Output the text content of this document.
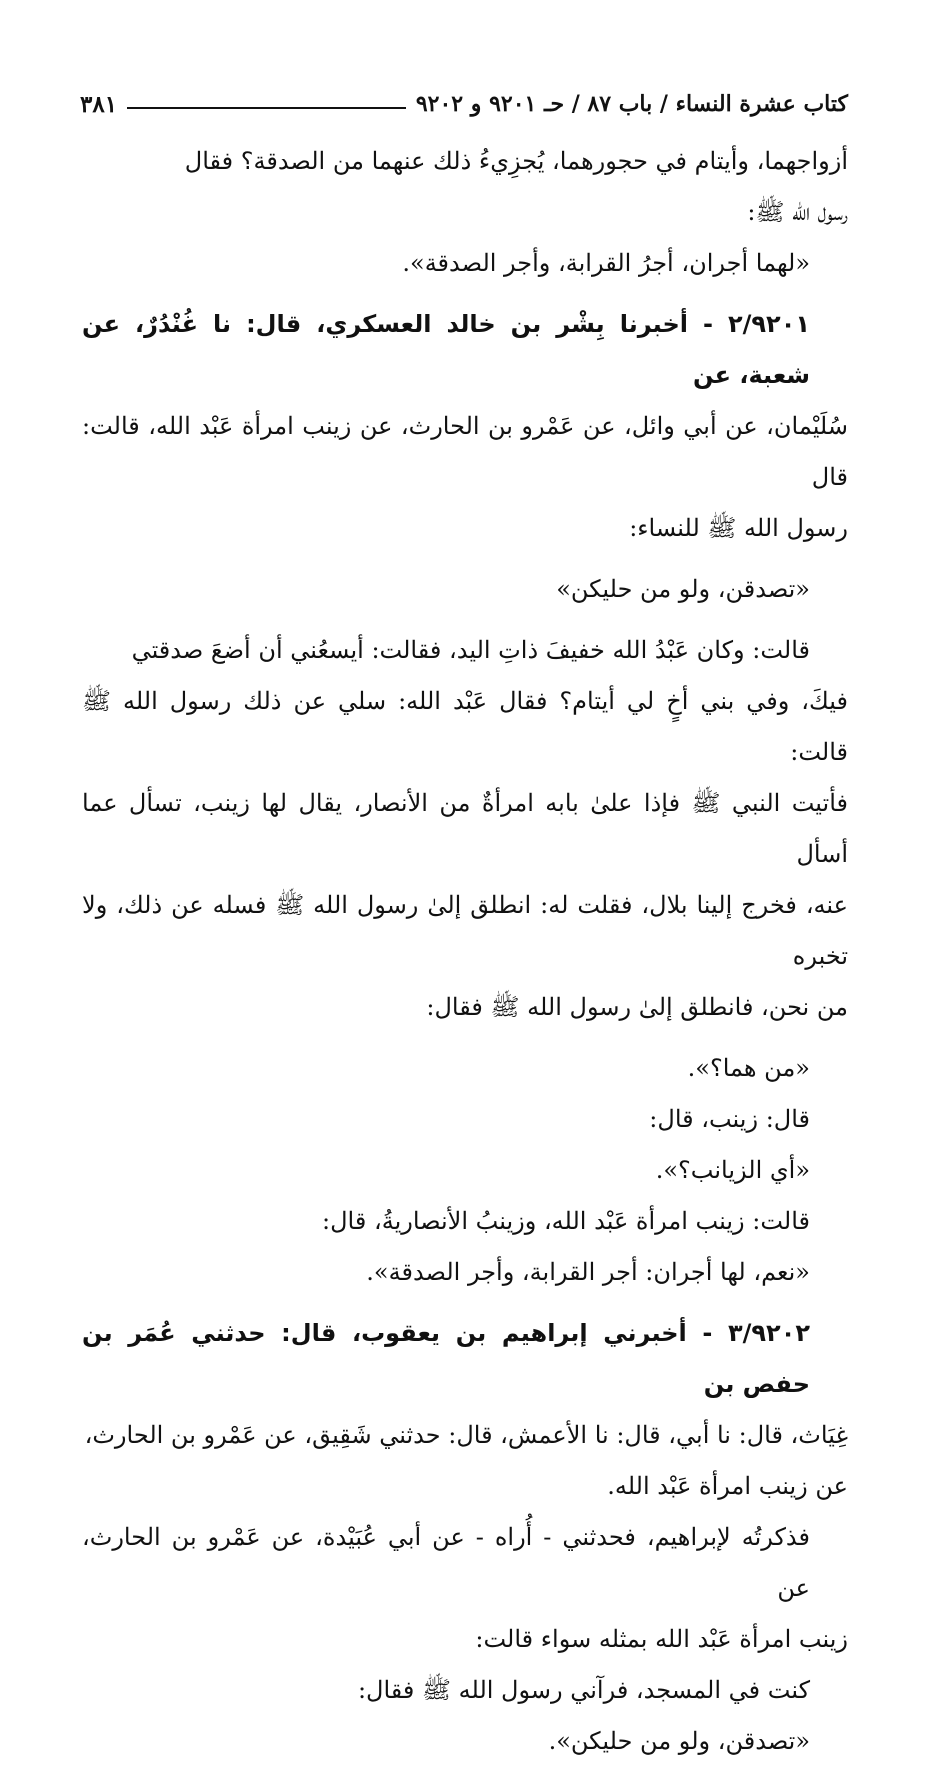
٣٨١	كتاب عشرة النساء / باب ٨٧ / حـ ٩٢٠١ و ٩٢٠٢

أزواجهما، وأيتام في حجورهما، يُجزِيءُ ذلك عنهما من الصدقة؟ فقال

رسول الله ﷺ:

«لهما أجران، أجرُ القرابة، وأجر الصدقة».

٢/٩٢٠١ - أخبرنا بِشْر بن خالد العسكري، قال: نا غُنْدُرٌ، عن شعبة، عن

سُلَيْمان، عن أبي وائل، عن عَمْرو بن الحارث، عن زينب امرأة عَبْد الله، قالت: قال

رسول الله ﷺ للنساء:

«تصدقن، ولو من حليكن»

قالت: وكان عَبْدُ الله خفيفَ ذاتِ اليد، فقالت: أيسعُني أن أضعَ صدقتي

فيكَ، وفي بني أخٍ لي أيتام؟ فقال عَبْد الله: سلي عن ذلك رسول الله ﷺ قالت:

فأتيت النبي ﷺ فإذا علىٰ بابه امرأةٌ من الأنصار، يقال لها زينب، تسأل عما أسأل

عنه، فخرج إلينا بلال، فقلت له: انطلق إلىٰ رسول الله ﷺ فسله عن ذلك، ولا تخبره

من نحن، فانطلق إلىٰ رسول الله ﷺ فقال:

«من هما؟».

قال: زينب، قال:

«أي الزيانب؟».

قالت: زينب امرأة عَبْد الله، وزينبُ الأنصاريةُ، قال:

«نعم، لها أجران: أجر القرابة، وأجر الصدقة».

٣/٩٢٠٢ - أخبرني إبراهيم بن يعقوب، قال: حدثني عُمَر بن حفص بن

غِيَاث، قال: نا أبي، قال: نا الأعمش، قال: حدثني شَقِيق، عن عَمْرو بن الحارث،

عن زينب امرأة عَبْد الله.

فذكرتُه لإبراهيم، فحدثني - أُراه - عن أبي عُبَيْدة، عن عَمْرو بن الحارث، عن

زينب امرأة عَبْد الله بمثله سواء قالت:

كنت في المسجد، فرآني رسول الله ﷺ فقال:

«تصدقن، ولو من حليكن».
